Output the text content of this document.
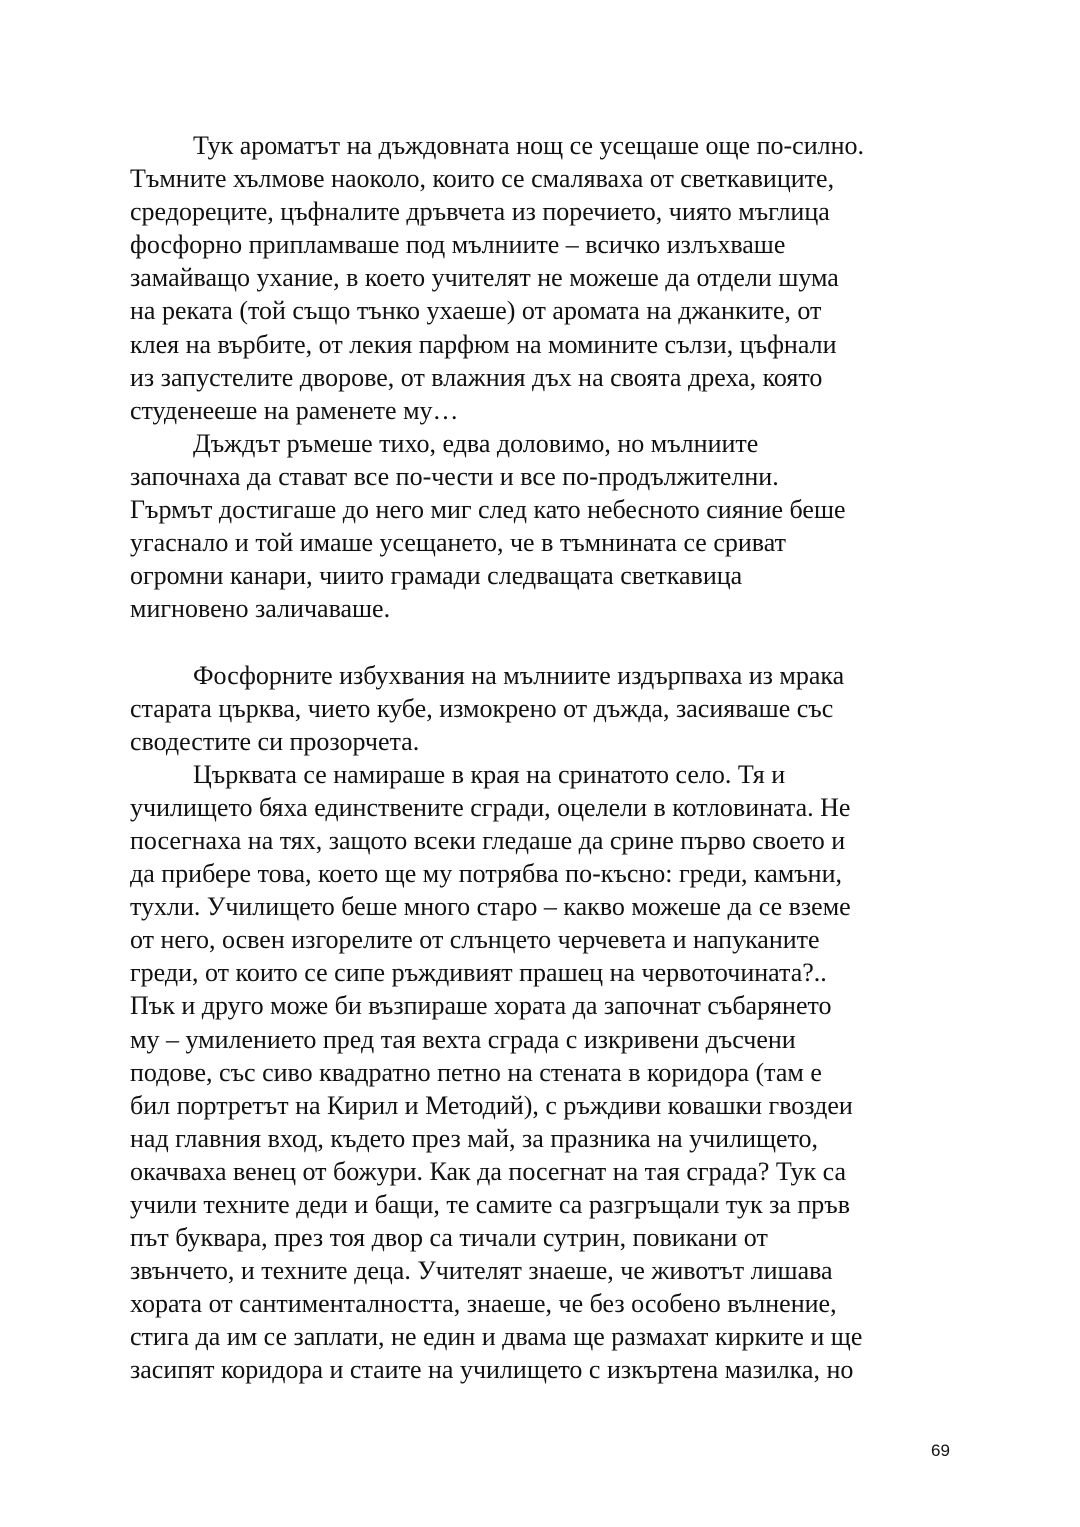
Тук ароматът на дъждовната нощ се усещаше още по-силно.
Тъмните хълмове наоколо, които се смаляваха от светкавиците,
средореците, цъфналите дръвчета из поречието, чиято мъглица
фосфорно припламваше под мълниите – всичко излъхваше
замайващо ухание, в което учителят не можеше да отдели шума
на реката (той също тънко ухаеше) от аромата на джанките, от
клея на върбите, от лекия парфюм на момините сълзи, цъфнали
из запустелите дворове, от влажния дъх на своята дреха, която
студенееше на раменете му…
Дъждът ръмеше тихо, едва доловимо, но мълниите
започнаха да стават все по-чести и все по-продължителни.
Гърмът достигаше до него миг след като небесното сияние беше
угаснало и той имаше усещането, че в тъмнината се сриват
огромни канари, чиито грамади следващата светкавица
мигновено заличаваше.
Фосфорните избухвания на мълниите издърпваха из мрака
старата църква, чието кубе, измокрено от дъжда, засияваше със
сводестите си прозорчета.
Църквата се намираше в края на сринатото село. Тя и
училището бяха единствените сгради, оцелели в котловината. Не
посегнаха на тях, защото всеки гледаше да срине първо своето и
да прибере това, което ще му потрябва по-късно: греди, камъни,
тухли. Училището беше много старо – какво можеше да се вземе
от него, освен изгорелите от слънцето черчевета и напуканите
греди, от които се сипе ръждивият прашец на червоточината?..
Пък и друго може би възпираше хората да започнат събарянето
му – умилението пред тая вехта сграда с изкривени дъсчени
подове, със сиво квадратно петно на стената в коридора (там е
бил портретът на Кирил и Методий), с ръждиви ковашки гвоздеи
над главния вход, където през май, за празника на училището,
окачваха венец от божури. Как да посегнат на тая сграда? Тук са
учили техните деди и бащи, те самите са разгръщали тук за пръв
път буквара, през тоя двор са тичали сутрин, повикани от
звънчето, и техните деца. Учителят знаеше, че животът лишава
хората от сантименталността, знаеше, че без особено вълнение,
стига да им се заплати, не един и двама ще размахат кирките и ще
засипят коридора и стаите на училището с изкъртена мазилка, но
69
